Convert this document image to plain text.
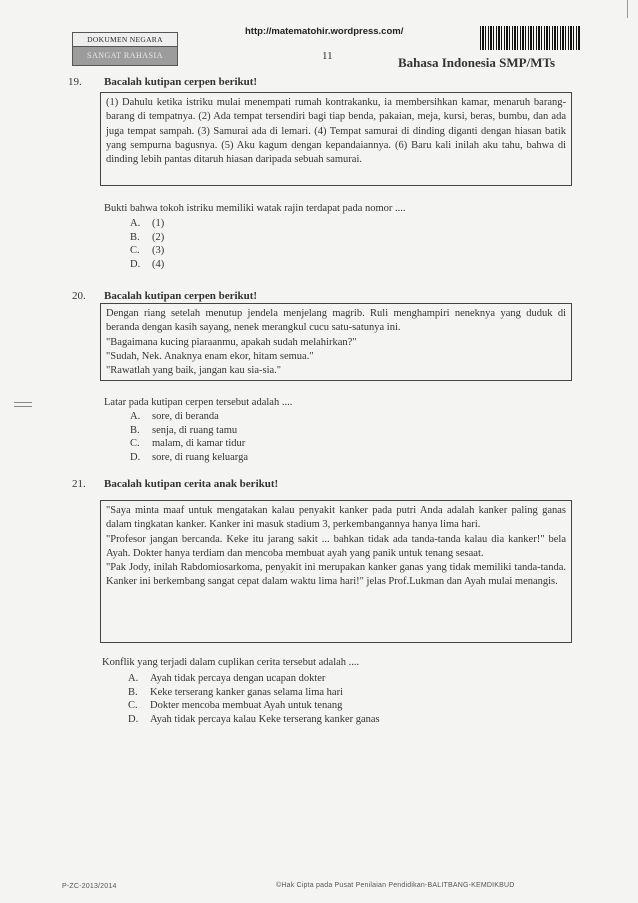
DOKUMEN NEGARA
SANGAT RAHASIA
http://matematohir.wordpress.com/
11	Bahasa Indonesia SMP/MTs
19. Bacalah kutipan cerpen berikut!

(1) Dahulu ketika istriku mulai menempati rumah kontrakanku, ia membersihkan kamar, menaruh barang-barang di tempatnya. (2) Ada tempat tersendiri bagi tiap benda, pakaian, meja, kursi, beras, bumbu, dan ada juga tempat sampah. (3) Samurai ada di lemari. (4) Tempat samurai di dinding diganti dengan hiasan batik yang sempurna bagusnya. (5) Aku kagum dengan kepandaiannya. (6) Baru kali inilah aku tahu, bahwa di dinding lebih pantas ditaruh hiasan daripada sebuah samurai.

Bukti bahwa tokoh istriku memiliki watak rajin terdapat pada nomor ....
A. (1)
B. (2)
C. (3)
D. (4)
20. Bacalah kutipan cerpen berikut!

Dengan riang setelah menutup jendela menjelang magrib. Ruli menghampiri neneknya yang duduk di beranda dengan kasih sayang, nenek merangkul cucu satu-satunya ini.

"Bagaimana kucing piaraanmu, apakah sudah melahirkan?"

"Sudah, Nek. Anaknya enam ekor, hitam semua."

"Rawatlah yang baik, jangan kau sia-sia."

Latar pada kutipan cerpen tersebut adalah ....
A. sore, di beranda
B. senja, di ruang tamu
C. malam, di kamar tidur
D. sore, di ruang keluarga
21. Bacalah kutipan cerita anak berikut!

"Saya minta maaf untuk mengatakan kalau penyakit kanker pada putri Anda adalah kanker paling ganas dalam tingkatan kanker. Kanker ini masuk stadium 3, perkembangannya hanya lima hari.

"Profesor jangan bercanda. Keke itu jarang sakit ... bahkan tidak ada tanda-tanda kalau dia kanker!" bela Ayah. Dokter hanya terdiam dan mencoba membuat ayah yang panik untuk tenang sesaat.

"Pak Jody, inilah Rabdomiosarkoma, penyakit ini merupakan kanker ganas yang tidak memiliki tanda-tanda. Kanker ini berkembang sangat cepat dalam waktu lima hari!" jelas Prof.Lukman dan Ayah mulai menangis.

Konflik yang terjadi dalam cuplikan cerita tersebut adalah ....
A. Ayah tidak percaya dengan ucapan dokter
B. Keke terserang kanker ganas selama lima hari
C. Dokter mencoba membuat Ayah untuk tenang
D. Ayah tidak percaya kalau Keke terserang kanker ganas
P-ZC-2013/2014	©Hak Cipta pada Pusat Penilaian Pendidikan-BALITBANG-KEMDIKBUD
